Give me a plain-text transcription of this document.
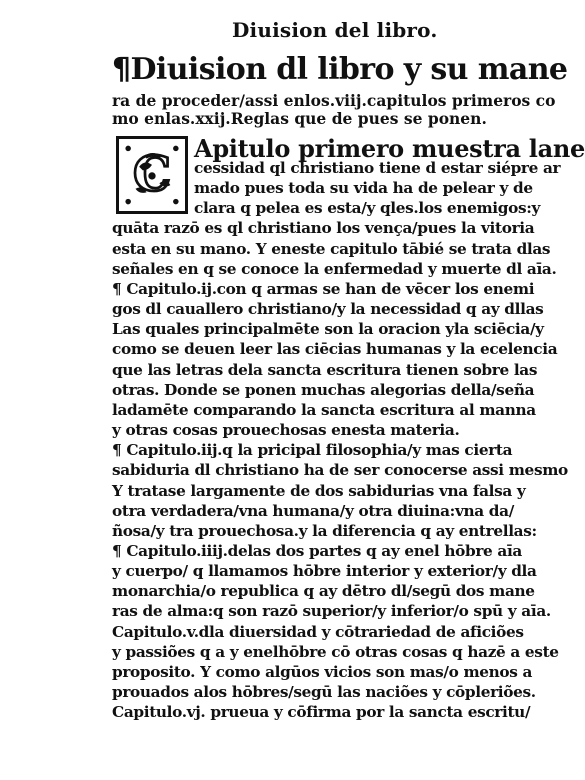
Diuision del libro.
¶Diuision dl libro y su mane
ra de proceder/assi enlos.viij.capitulos primeros co
mo enlas.xxij.Reglas que de pues se ponen.
C Apitulo primero muestra lane
cessidad ql christiano tiene d estar siépre ar
mado pues toda su vida ha de pelear y de
clara q pelea es esta/y qles.los enemigos:y
quāta razō es ql christiano los vença/pues la vitoria
esta en su mano. Y eneste capitulo tābié se trata dlas
señales en q se conoce la enfermedad y muerte dl aīa.
¶ Capitulo.ij.con q armas se han de vēcer los enemi
gos dl cauallero christiano/y la necessidad q ay dllas
Las quales principalmēte son la oracion yla sciēcia/y
como se deuen leer las ciēcias humanas y la ecelencia
que las letras dela sancta escritura tienen sobre las
otras. Donde se ponen muchas alegorias della/seña
ladamēte comparando la sancta escritura al manna
y otras cosas prouechosas enesta materia.
¶ Capitulo.iij.q la pricipal filosophia/y mas cierta
sabiduria dl christiano ha de ser conocerse assi mesmo
Y tratase largamente de dos sabidurias vna falsa y
otra verdadera/vna humana/y otra diuina:vna da/
ñosa/y tra prouechosa.y la diferencia q ay entrellas:
¶ Capitulo.iiij.delas dos partes q ay enel hōbre aīa
y cuerpo/ q llamamos hōbre interior y exterior/y dla
monarchia/o republica q ay dētro dl/segū dos mane
ras de alma:q son razō superior/y inferior/o spū y aīa.
Capitulo.v.dla diuersidad y cōtrariedad de aficiões
y passiões q a y enelhōbre cō otras cosas q hazē a este
proposito. Y como algūos vicios son mas/o menos a
prouados alos hōbres/segū las naciões y cōpleriões.
Capitulo.vj. prueua y cōfirma por la sancta escritu/
